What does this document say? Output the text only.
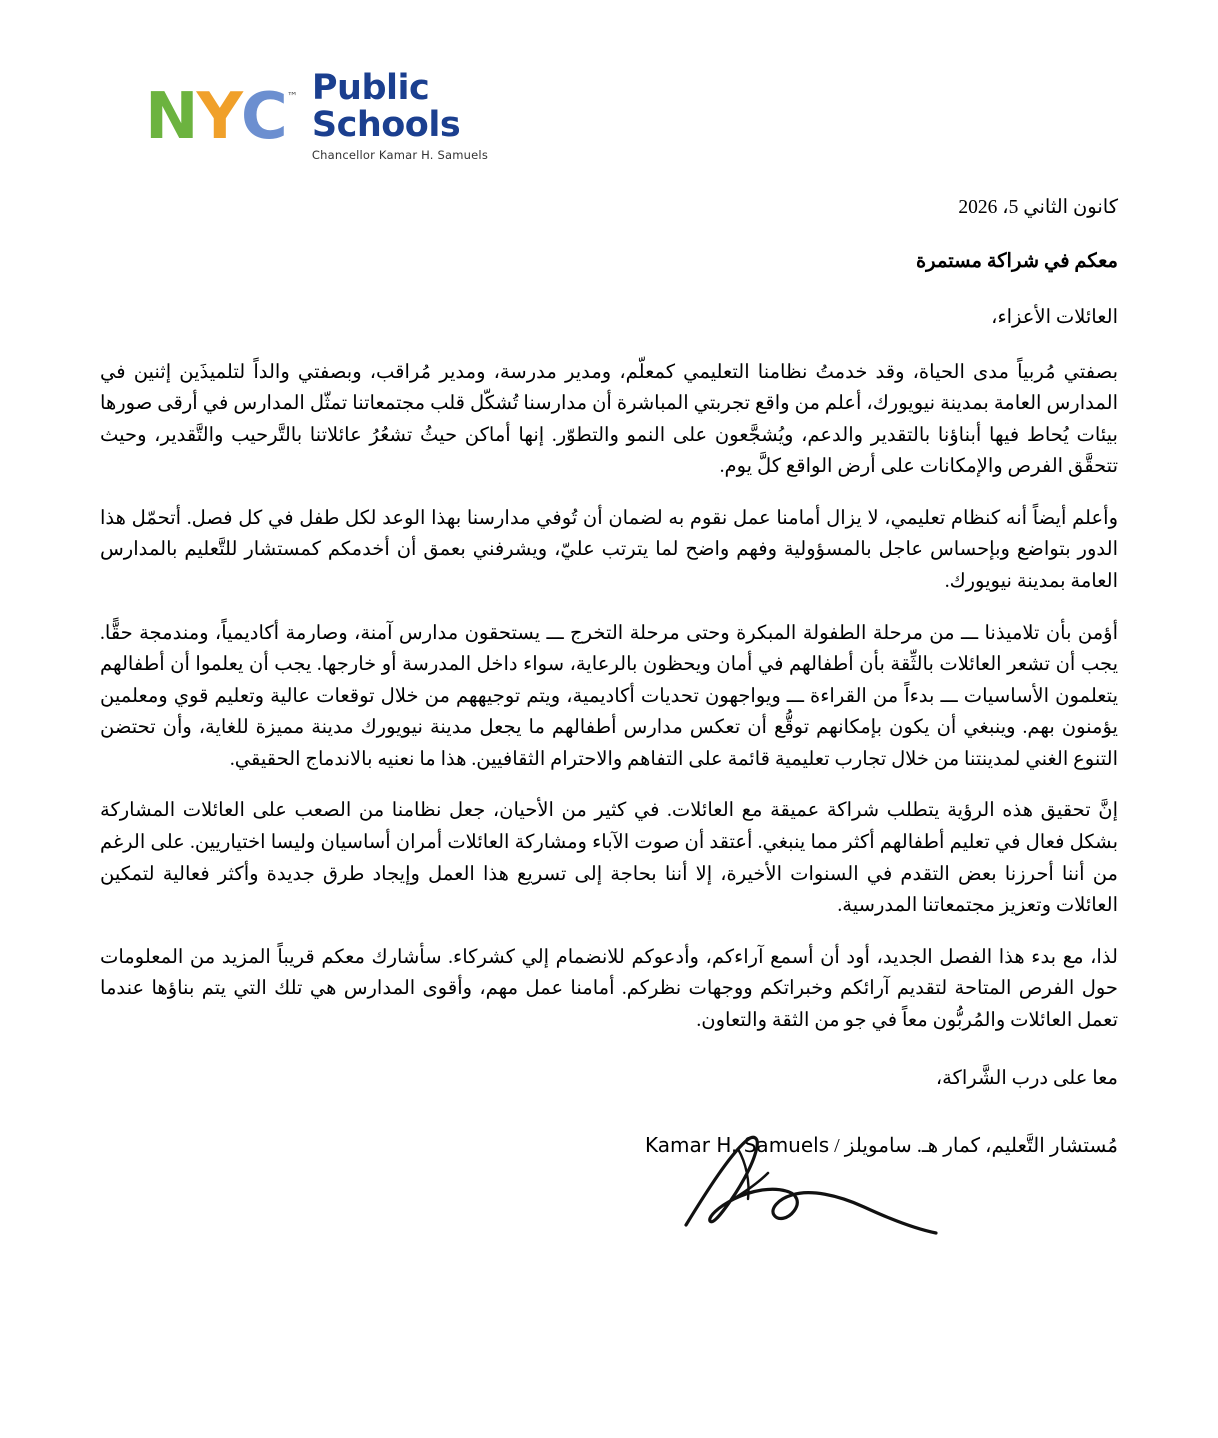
N Y C ™ Public
Schools
Chancellor Kamar H. Samuels
كانون الثاني 5، 2026
معكم في شراكة مستمرة
العائلات الأعزاء،

بصفتي مُربياً مدى الحياة، وقد خدمتُ نظامنا التعليمي كمعلّم، ومدير مدرسة، ومدير مُراقب، وبصفتي والداً لتلميذَين إثنين في المدارس العامة بمدينة نيويورك، أعلم من واقع تجربتي المباشرة أن مدارسنا تُشكّل قلب مجتمعاتنا تمثّل المدارس في أرقى صورها بيئات يُحاط فيها أبناؤنا بالتقدير والدعم، ويُشجَّعون على النمو والتطوّر. إنها أماكن حيثُ تشعُرُ عائلاتنا بالتَّرحيب والتَّقدير، وحيث تتحقَّق الفرص والإمكانات على أرض الواقع كلَّ يوم.

وأعلم أيضاً أنه كنظام تعليمي، لا يزال أمامنا عمل نقوم به لضمان أن تُوفي مدارسنا بهذا الوعد لكل طفل في كل فصل. أتحمّل هذا الدور بتواضع وبإحساس عاجل بالمسؤولية وفهم واضح لما يترتب عليّ، ويشرفني بعمق أن أخدمكم كمستشار للتَّعليم بالمدارس العامة بمدينة نيويورك.

أؤمن بأن تلاميذنا ـــ من مرحلة الطفولة المبكرة وحتى مرحلة التخرج ـــ يستحقون مدارس آمنة، وصارمة أكاديمياً، ومندمجة حقًّا. يجب أن تشعر العائلات بالثِّقة بأن أطفالهم في أمان ويحظون بالرعاية، سواء داخل المدرسة أو خارجها. يجب أن يعلموا أن أطفالهم يتعلمون الأساسيات ـــ بدءاً من القراءة ـــ ويواجهون تحديات أكاديمية، ويتم توجيههم من خلال توقعات عالية وتعليم قوي ومعلمين يؤمنون بهم. وينبغي أن يكون بإمكانهم توقُّع أن تعكس مدارس أطفالهم ما يجعل مدينة نيويورك مدينة مميزة للغاية، وأن تحتضن التنوع الغني لمدينتنا من خلال تجارب تعليمية قائمة على التفاهم والاحترام الثقافيين. هذا ما نعنيه بالاندماج الحقيقي.

إنَّ تحقيق هذه الرؤية يتطلب شراكة عميقة مع العائلات. في كثير من الأحيان، جعل نظامنا من الصعب على العائلات المشاركة بشكل فعال في تعليم أطفالهم أكثر مما ينبغي. أعتقد أن صوت الآباء ومشاركة العائلات أمران أساسيان وليسا اختياريين. على الرغم من أننا أحرزنا بعض التقدم في السنوات الأخيرة، إلا أننا بحاجة إلى تسريع هذا العمل وإيجاد طرق جديدة وأكثر فعالية لتمكين العائلات وتعزيز مجتمعاتنا المدرسية.

لذا، مع بدء هذا الفصل الجديد، أود أن أسمع آراءكم، وأدعوكم للانضمام إلي كشركاء. سأشارك معكم قريباً المزيد من المعلومات حول الفرص المتاحة لتقديم آرائكم وخبراتكم ووجهات نظركم. أمامنا عمل مهم، وأقوى المدارس هي تلك التي يتم بناؤها عندما تعمل العائلات والمُربُّون معاً في جو من الثقة والتعاون.

معا على درب الشَّراكة،
مُستشار التَّعليم، كمار هـ. سامويلز / Kamar H. Samuels
